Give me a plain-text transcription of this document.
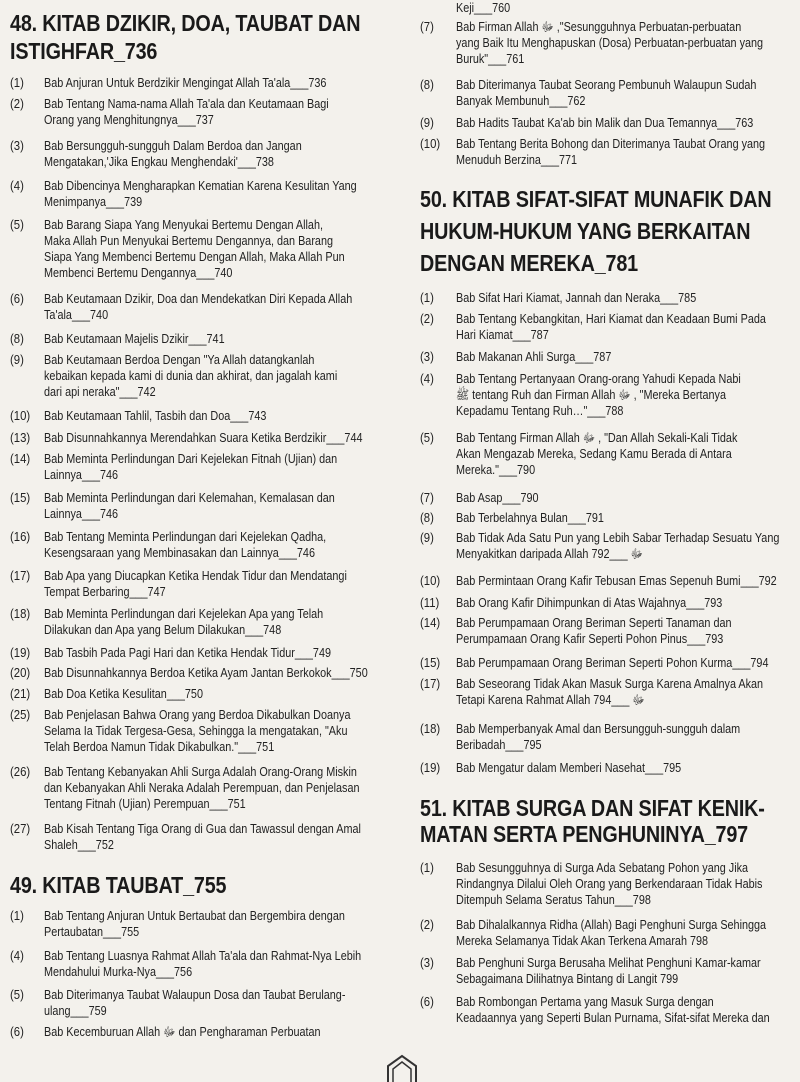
48. KITAB DZIKIR, DOA, TAUBAT DAN
ISTIGHFAR_736
(1) Bab Anjuran Untuk Berdzikir Mengingat Allah Ta'ala___736
(2) Bab Tentang Nama-nama Allah Ta'ala dan Keutamaan Bagi
Orang yang Menghitungnya___737
(3) Bab Bersungguh-sungguh Dalam Berdoa dan Jangan
Mengatakan,'Jika Engkau Menghendaki'___738
(4) Bab Dibencinya Mengharapkan Kematian Karena Kesulitan Yang
Menimpanya___739
(5) Bab Barang Siapa Yang Menyukai Bertemu Dengan Allah,
Maka Allah Pun Menyukai Bertemu Dengannya, dan Barang
Siapa Yang Membenci Bertemu Dengan Allah, Maka Allah Pun
Membenci Bertemu Dengannya___740
(6) Bab Keutamaan Dzikir, Doa dan Mendekatkan Diri Kepada Allah
Ta'ala___740
(8) Bab Keutamaan Majelis Dzikir___741
(9) Bab Keutamaan Berdoa Dengan "Ya Allah datangkanlah
kebaikan kepada kami di dunia dan akhirat, dan jagalah kami
dari api neraka"___742
(10) Bab Keutamaan Tahlil, Tasbih dan Doa___743
(13) Bab Disunnahkannya Merendahkan Suara Ketika Berdzikir___744
(14) Bab Meminta Perlindungan Dari Kejelekan Fitnah (Ujian) dan
Lainnya___746
(15) Bab Meminta Perlindungan dari Kelemahan, Kemalasan dan
Lainnya___746
(16) Bab Tentang Meminta Perlindungan dari Kejelekan Qadha,
Kesengsaraan yang Membinasakan dan Lainnya___746
(17) Bab Apa yang Diucapkan Ketika Hendak Tidur dan Mendatangi
Tempat Berbaring___747
(18) Bab Meminta Perlindungan dari Kejelekan Apa yang Telah
Dilakukan dan Apa yang Belum Dilakukan___748
(19) Bab Tasbih Pada Pagi Hari dan Ketika Hendak Tidur___749
(20) Bab Disunnahkannya Berdoa Ketika Ayam Jantan Berkokok___750
(21) Bab Doa Ketika Kesulitan___750
(25) Bab Penjelasan Bahwa Orang yang Berdoa Dikabulkan Doanya
Selama Ia Tidak Tergesa-Gesa, Sehingga Ia mengatakan, "Aku
Telah Berdoa Namun Tidak Dikabulkan."___751
(26) Bab Tentang Kebanyakan Ahli Surga Adalah Orang-Orang Miskin
dan Kebanyakan Ahli Neraka Adalah Perempuan, dan Penjelasan
Tentang Fitnah (Ujian) Perempuan___751
(27) Bab Kisah Tentang Tiga Orang di Gua dan Tawassul dengan Amal
Shaleh___752
49. KITAB TAUBAT_755
(1) Bab Tentang Anjuran Untuk Bertaubat dan Bergembira dengan
Pertaubatan___755
(4) Bab Tentang Luasnya Rahmat Allah Ta'ala dan Rahmat-Nya Lebih
Mendahului Murka-Nya___756
(5) Bab Diterimanya Taubat Walaupun Dosa dan Taubat Berulang-
ulang___759
(6) Bab Kecemburuan Allah ﷻ dan Pengharaman Perbuatan
Keji___760
(7) Bab Firman Allah ﷻ ,"Sesungguhnya Perbuatan-perbuatan
yang Baik Itu Menghapuskan (Dosa) Perbuatan-perbuatan yang
Buruk"___761
(8) Bab Diterimanya Taubat Seorang Pembunuh Walaupun Sudah
Banyak Membunuh___762
(9) Bab Hadits Taubat Ka'ab bin Malik dan Dua Temannya___763
(10) Bab Tentang Berita Bohong dan Diterimanya Taubat Orang yang
Menuduh Berzina___771
50. KITAB SIFAT-SIFAT MUNAFIK DAN
HUKUM-HUKUM YANG BERKAITAN
DENGAN MEREKA_781
(1) Bab Sifat Hari Kiamat, Jannah dan Neraka___785
(2) Bab Tentang Kebangkitan, Hari Kiamat dan Keadaan Bumi Pada
Hari Kiamat___787
(3) Bab Makanan Ahli Surga___787
(4) Bab Tentang Pertanyaan Orang-orang Yahudi Kepada Nabi
ﷺ tentang Ruh dan Firman Allah ﷻ , "Mereka Bertanya
Kepadamu Tentang Ruh…"___788
(5) Bab Tentang Firman Allah ﷻ , "Dan Allah Sekali-Kali Tidak
Akan Mengazab Mereka, Sedang Kamu Berada di Antara
Mereka."___790
(7) Bab Asap___790
(8) Bab Terbelahnya Bulan___791
(9) Bab Tidak Ada Satu Pun yang Lebih Sabar Terhadap Sesuatu Yang
Menyakitkan daripada Allah ﷻ ___792
(10) Bab Permintaan Orang Kafir Tebusan Emas Sepenuh Bumi___792
(11) Bab Orang Kafir Dihimpunkan di Atas Wajahnya___793
(14) Bab Perumpamaan Orang Beriman Seperti Tanaman dan
Perumpamaan Orang Kafir Seperti Pohon Pinus___793
(15) Bab Perumpamaan Orang Beriman Seperti Pohon Kurma___794
(17) Bab Seseorang Tidak Akan Masuk Surga Karena Amalnya Akan
Tetapi Karena Rahmat Allah ﷻ ___794
(18) Bab Memperbanyak Amal dan Bersungguh-sungguh dalam
Beribadah___795
(19) Bab Mengatur dalam Memberi Nasehat___795
51. KITAB SURGA DAN SIFAT KENIK-
MATAN SERTA PENGHUNINYA_797
(1) Bab Sesungguhnya di Surga Ada Sebatang Pohon yang Jika
Rindangnya Dilalui Oleh Orang yang Berkendaraan Tidak Habis
Ditempuh Selama Seratus Tahun___798
(2) Bab Dihalalkannya Ridha (Allah) Bagi Penghuni Surga Sehingga
Mereka Selamanya Tidak Akan Terkena Amarah 798
(3) Bab Penghuni Surga Berusaha Melihat Penghuni Kamar-kamar
Sebagaimana Dilihatnya Bintang di Langit 799
(6) Bab Rombongan Pertama yang Masuk Surga dengan
Keadaannya yang Seperti Bulan Purnama, Sifat-sifat Mereka dan
